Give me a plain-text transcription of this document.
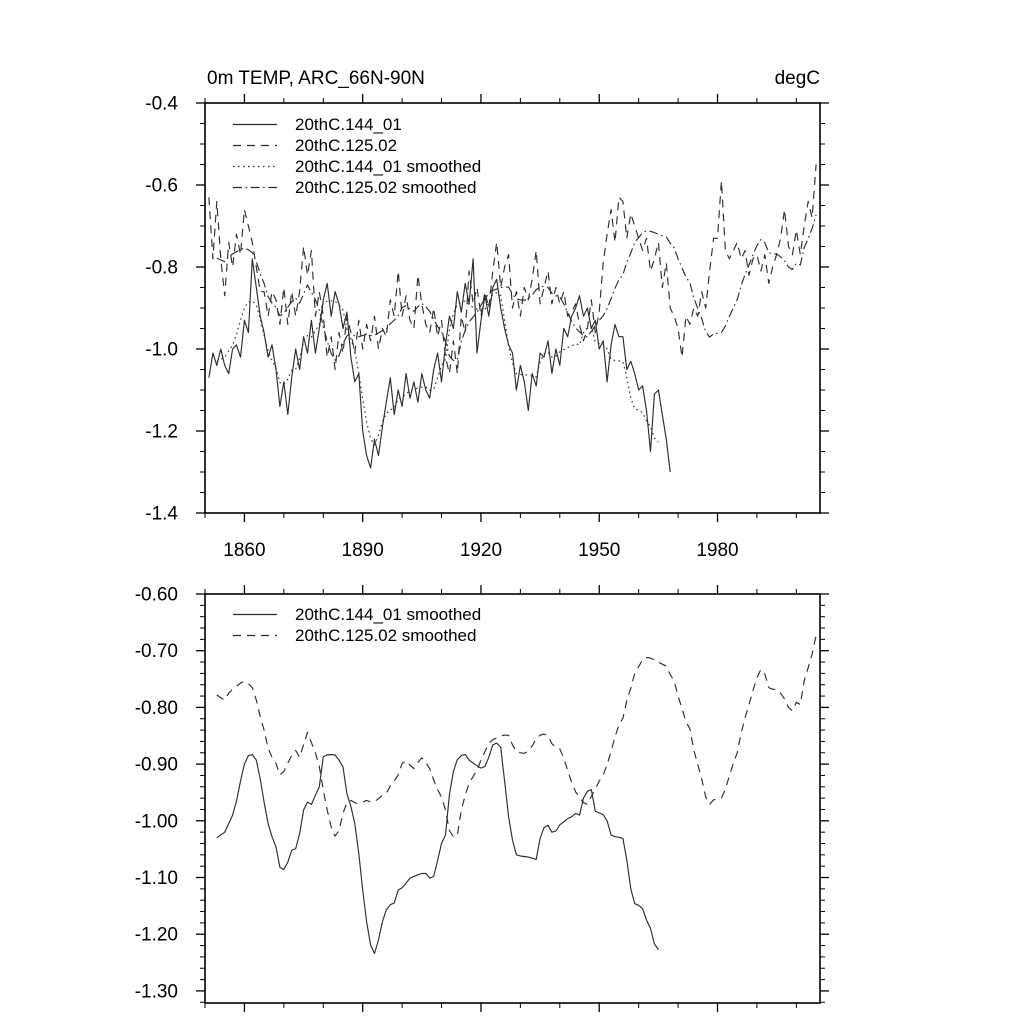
0m TEMP, ARC_66N-90N	degC
1860	1890	1920	1950	1980
-0.4
-0.6
-0.8
-1.0
-1.2
-1.4
-0.60
-0.70
-0.80
-0.90
-1.00
-1.10
-1.20
-1.30
20thC.144_01
20thC.125.02
20thC.144_01 smoothed
20thC.125.02 smoothed
20thC.144_01 smoothed
20thC.125.02 smoothed
